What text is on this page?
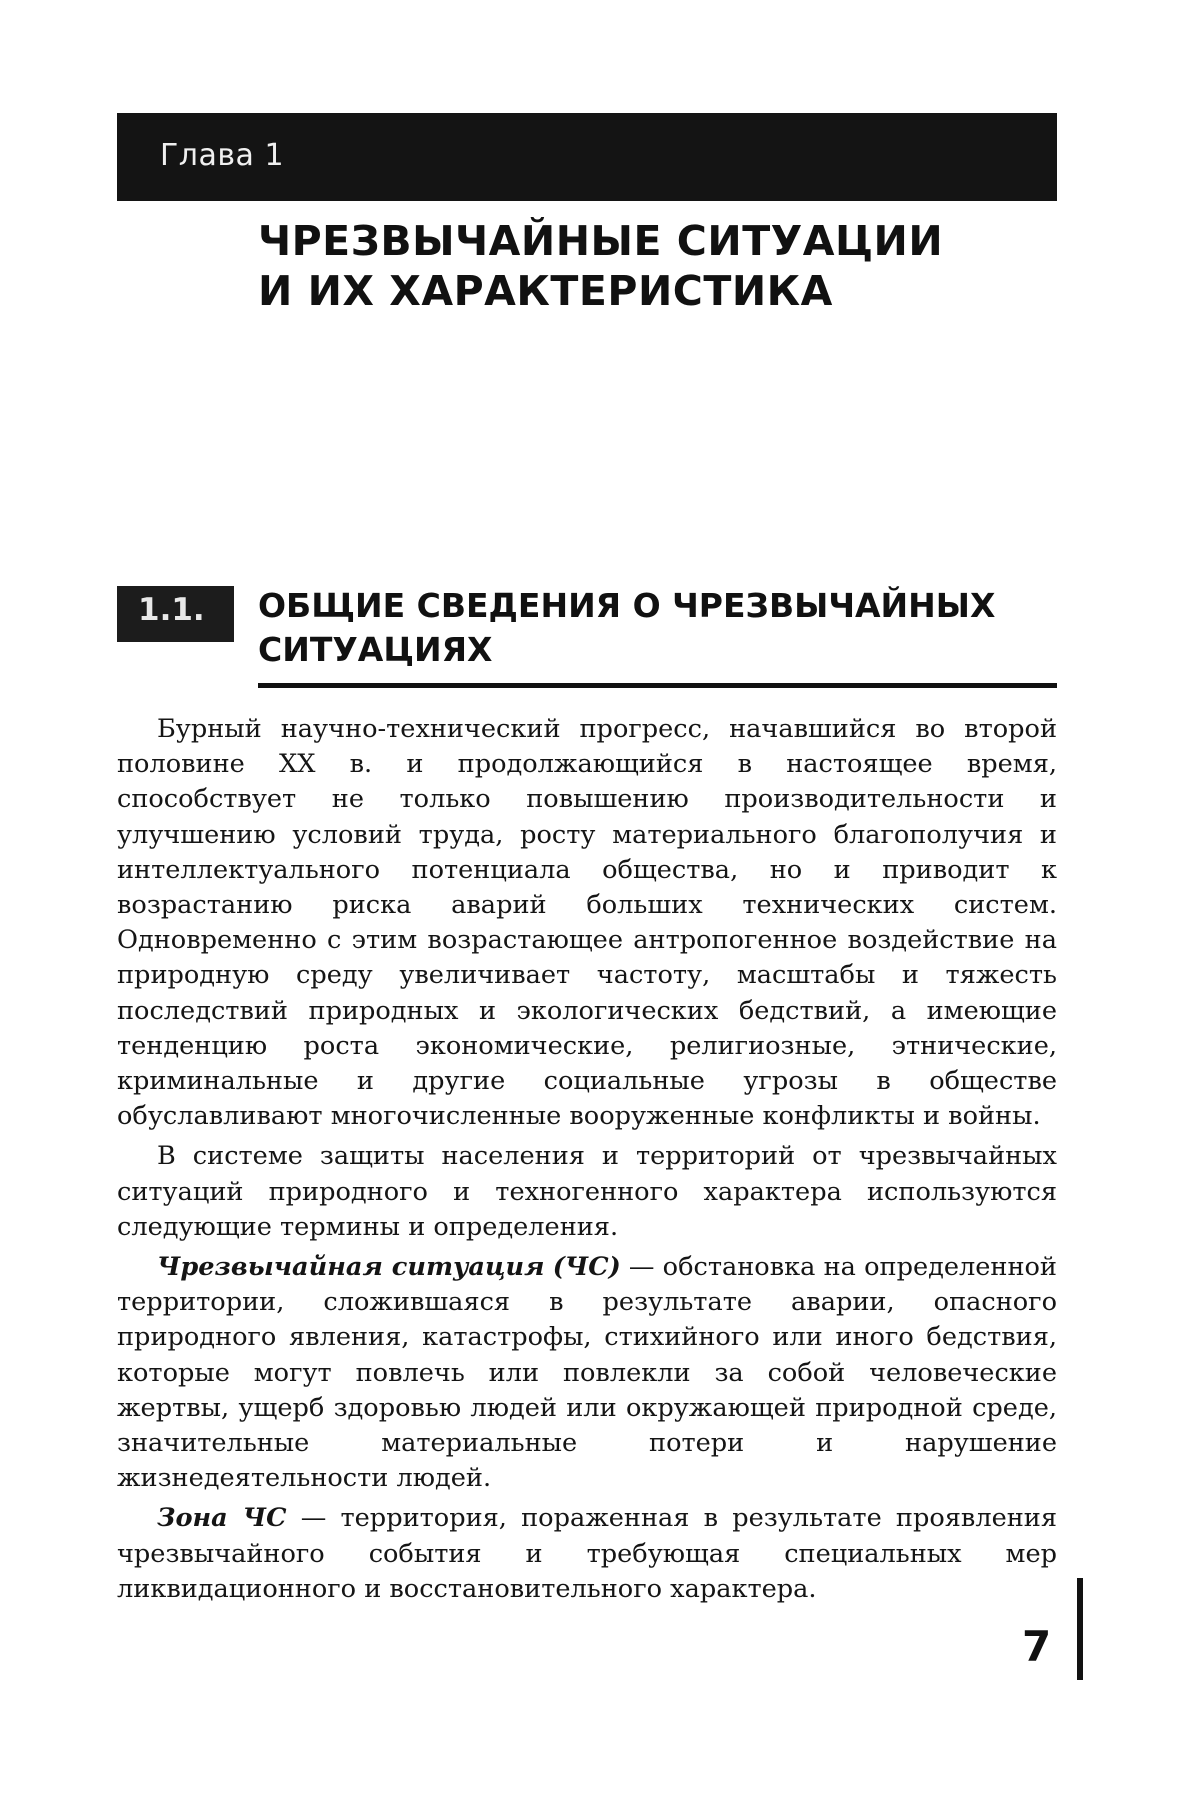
Глава 1
ЧРЕЗВЫЧАЙНЫЕ СИТУАЦИИ
И ИХ ХАРАКТЕРИСТИКА
1.1. ОБЩИЕ СВЕДЕНИЯ О ЧРЕЗВЫЧАЙНЫХ
СИТУАЦИЯХ

Бурный научно-технический прогресс, начавшийся во второй половине XX в. и продолжающийся в настоящее время, способствует не только повышению производительности и улучшению условий труда, росту материального благополучия и интеллектуального потенциала общества, но и приводит к возрастанию риска аварий больших технических систем. Одновременно с этим возрастающее антропогенное воздействие на природную среду увеличивает частоту, масштабы и тяжесть последствий природных и экологических бедствий, а имеющие тенденцию роста экономические, религиозные, этнические, криминальные и другие социальные угрозы в обществе обуславливают многочисленные вооруженные конфликты и войны.

В системе защиты населения и территорий от чрезвычайных ситуаций природного и техногенного характера используются следующие термины и определения.

Чрезвычайная ситуация (ЧС) — обстановка на определенной территории, сложившаяся в результате аварии, опасного природного явления, катастрофы, стихийного или иного бедствия, которые могут повлечь или повлекли за собой человеческие жертвы, ущерб здоровью людей или окружающей природной среде, значительные материальные потери и нарушение жизнедеятельности людей.

Зона ЧС — территория, пораженная в результате проявления чрезвычайного события и требующая специальных мер ликвидационного и восстановительного характера.

7
